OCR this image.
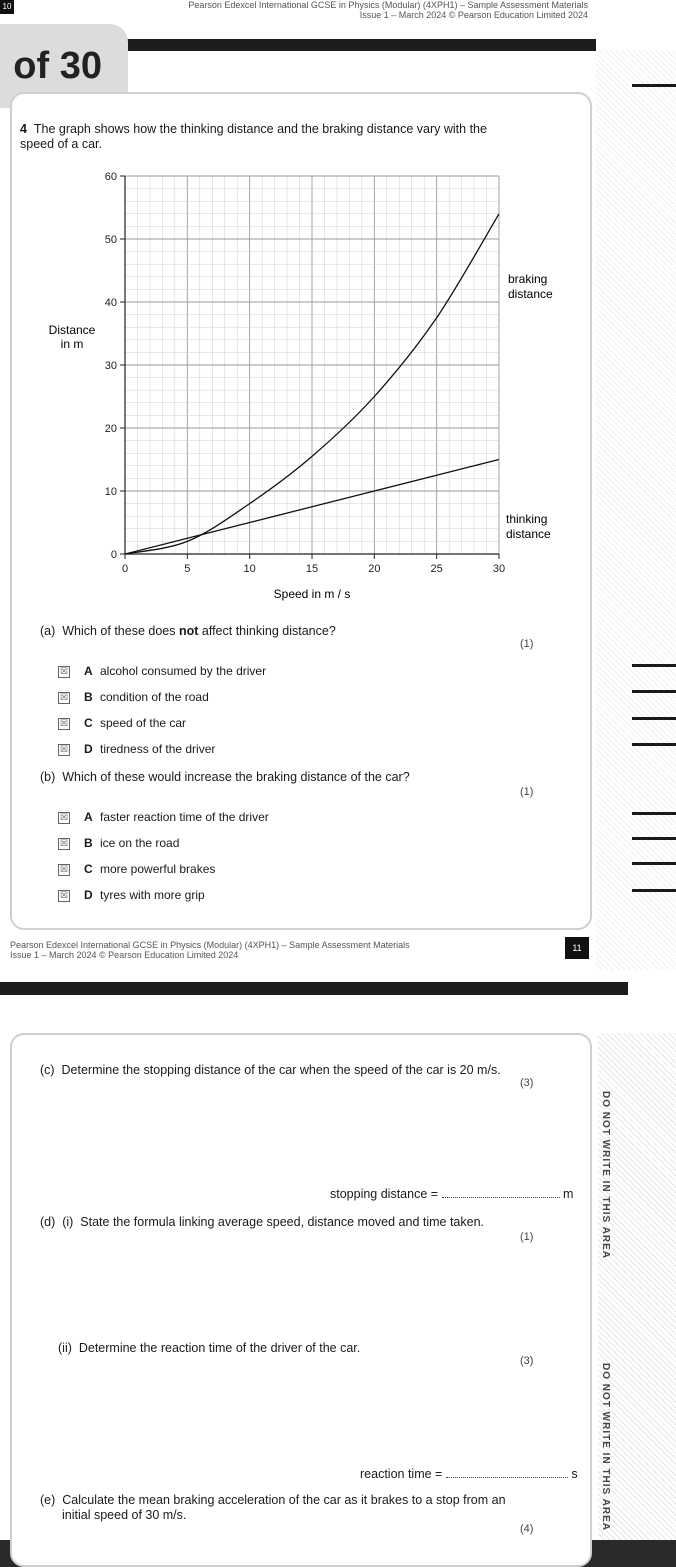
10	Pearson Edexcel International GCSE in Physics (Modular) (4XPH1) – Sample Assessment Materials
Issue 1 – March 2024 © Pearson Education Limited 2024
of 30
4 The graph shows how the thinking distance and the braking distance vary with the speed of a car.
0	5	10	15	20	25	30
0
10
20
30
40
50
60
Distance
in m
Speed in m / s
braking
distance
thinking
distance
(a) Which of these does not affect thinking distance?
(1)
☒ A alcohol consumed by the driver
☒ B condition of the road
☒ C speed of the car
☒ D tiredness of the driver
(b) Which of these would increase the braking distance of the car?
(1)
☒ A faster reaction time of the driver
☒ B ice on the road
☒ C more powerful brakes
☒ D tyres with more grip
Pearson Edexcel International GCSE in Physics (Modular) (4XPH1) – Sample Assessment Materials
Issue 1 – March 2024 © Pearson Education Limited 2024
11
DO NOT WRITE IN THIS AREA
DO NOT WRITE IN THIS AREA
(c) Determine the stopping distance of the car when the speed of the car is 20 m/s.
(3)
stopping distance =	m
(d) (i) State the formula linking average speed, distance moved and time taken.
(1)
(ii) Determine the reaction time of the driver of the car.
(3)
reaction time =	s
(e) Calculate the mean braking acceleration of the car as it brakes to a stop from an
initial speed of 30 m/s.
(4)
